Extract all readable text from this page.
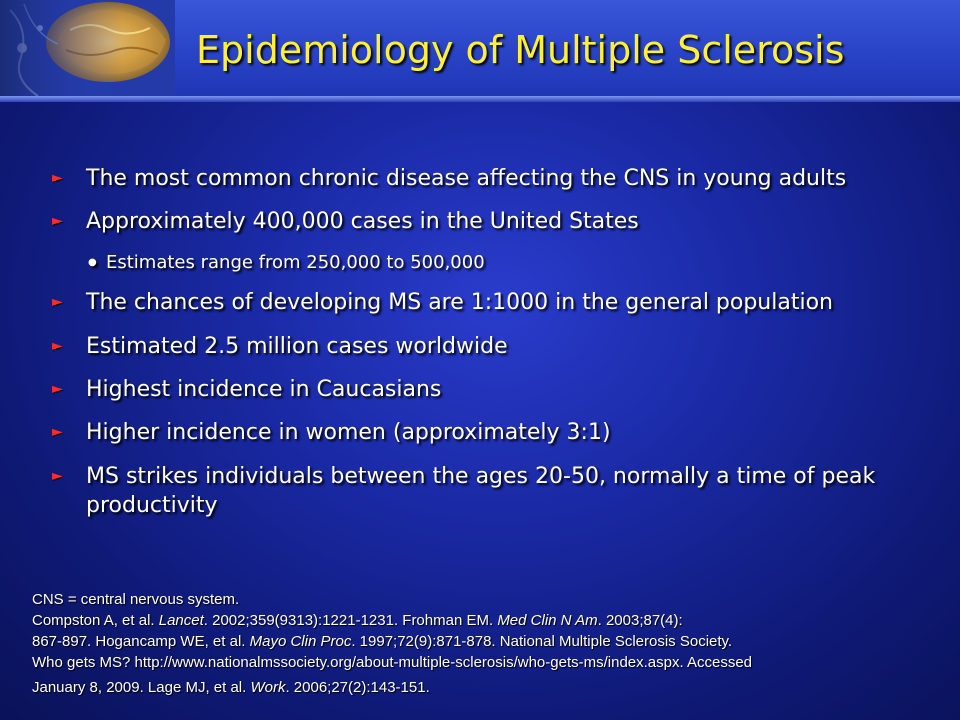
Epidemiology of Multiple Sclerosis
►	The most common chronic disease affecting the CNS in young adults
►	Approximately 400,000 cases in the United States
● Estimates range from 250,000 to 500,000
►	The chances of developing MS are 1:1000 in the general population
►	Estimated 2.5 million cases worldwide
►	Highest incidence in Caucasians
►	Higher incidence in women (approximately 3:1)
►	MS strikes individuals between the ages 20-50, normally a time of peak productivity

CNS = central nervous system.

Compston A, et al. Lancet. 2002;359(9313):1221-1231. Frohman EM. Med Clin N Am. 2003;87(4):

867-897. Hogancamp WE, et al. Mayo Clin Proc. 1997;72(9):871-878. National Multiple Sclerosis Society.

Who gets MS? http://www.nationalmssociety.org/about-multiple-sclerosis/who-gets-ms/index.aspx. Accessed

January 8, 2009. Lage MJ, et al. Work. 2006;27(2):143-151.
